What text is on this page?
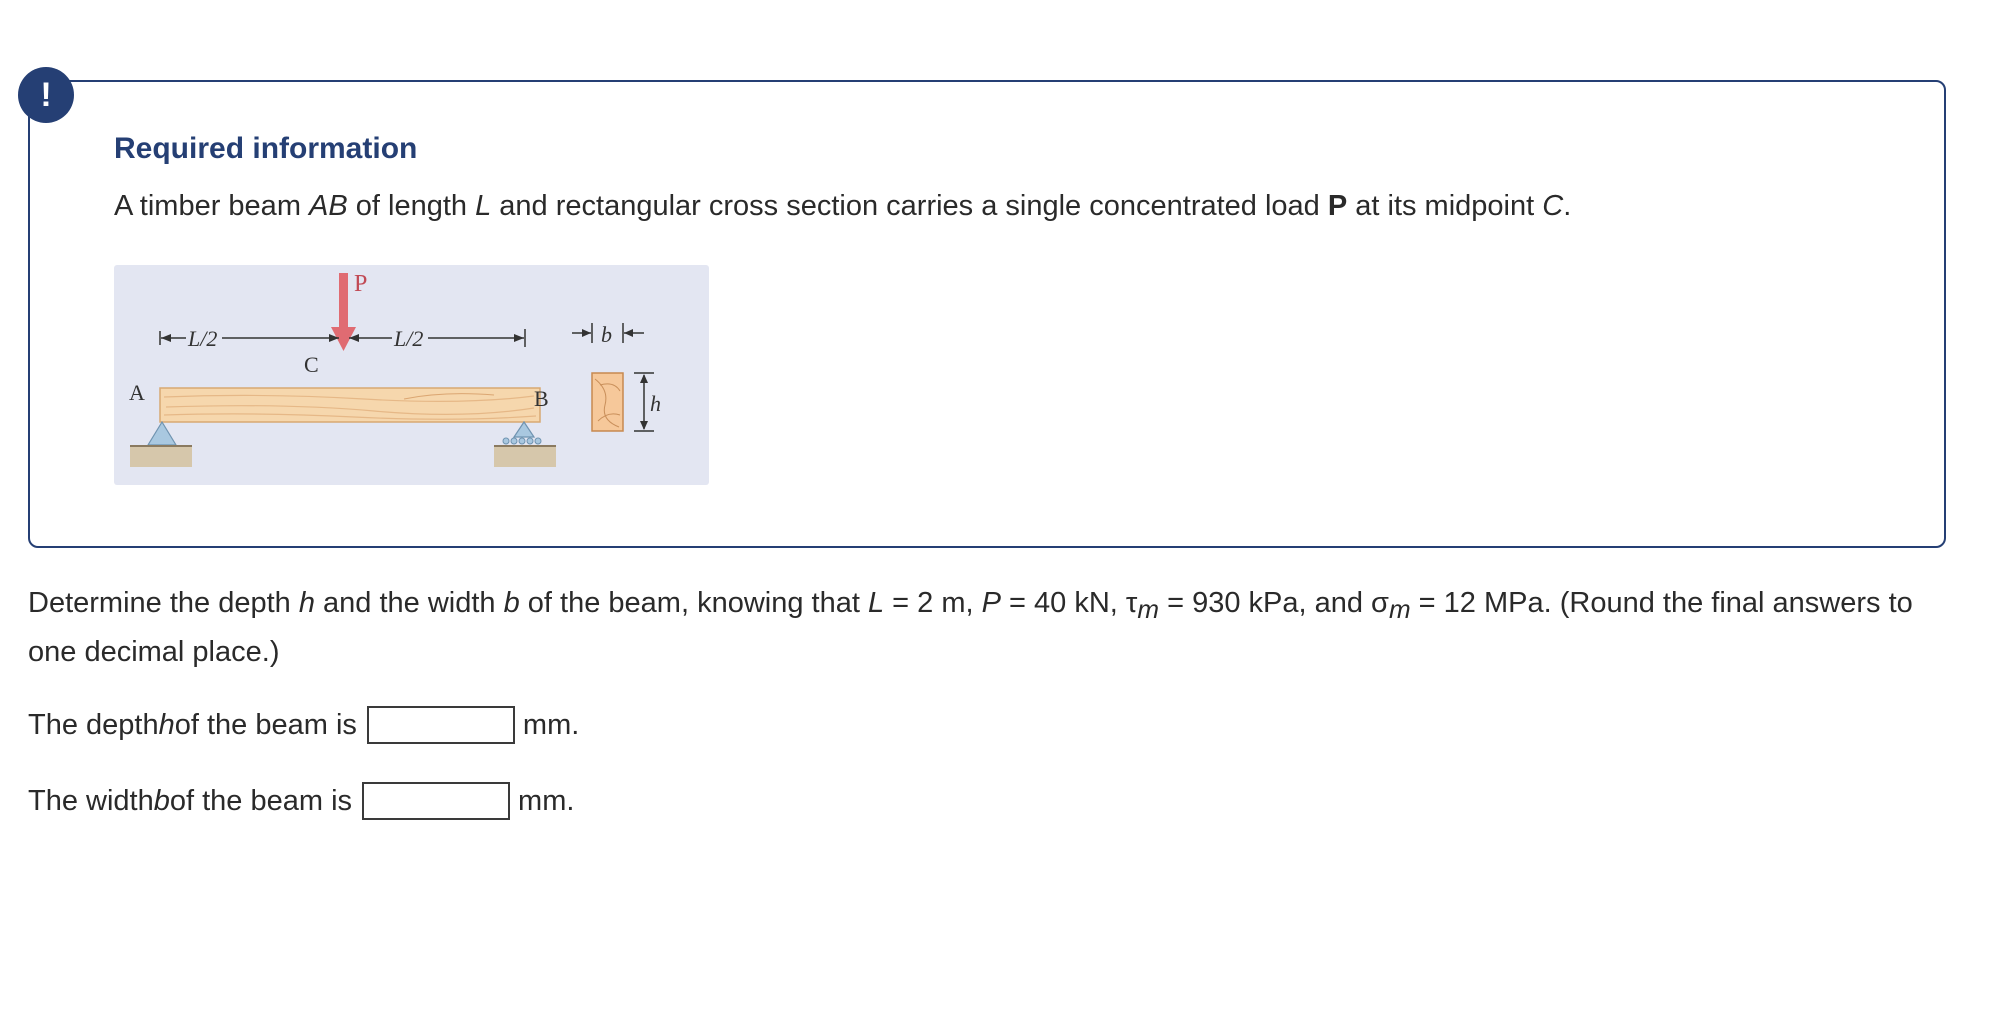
!
Required information
A timber beam AB of length L and rectangular cross section carries a single concentrated load P at its midpoint C.
P
L/2	L/2
A
C
B
b
h
Determine the depth h and the width b of the beam, knowing that L = 2 m, P = 40 kN, $\tau_m = 930$ kPa, and $\sigma_m = 12$ MPa. (Round the final answers to one decimal place.)
The depth h of the beam is	mm.
The width b of the beam is	mm.
